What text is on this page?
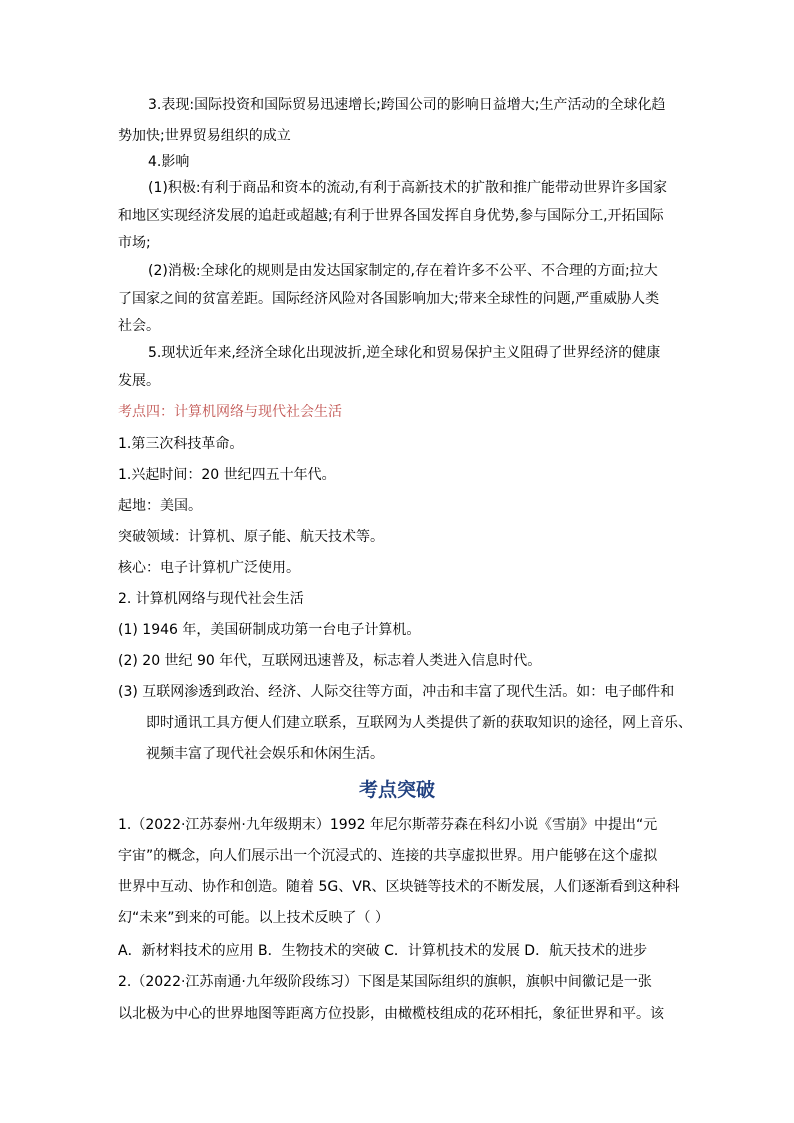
3.表现:国际投资和国际贸易迅速增长;跨国公司的影响日益增大;生产活动的全球化趋

势加快;世界贸易组织的成立

4.影响

(1)积极:有利于商品和资本的流动,有利于高新技术的扩散和推广能带动世界许多国家

和地区实现经济发展的追赶或超越;有利于世界各国发挥自身优势,参与国际分工,开拓国际

市场;

(2)消极:全球化的规则是由发达国家制定的,存在着许多不公平、不合理的方面;拉大

了国家之间的贫富差距。国际经济风险对各国影响加大;带来全球性的问题,严重威胁人类

社会。

5.现状近年来,经济全球化出现波折,逆全球化和贸易保护主义阻碍了世界经济的健康

发展。

考点四：计算机网络与现代社会生活

1.第三次科技革命。

1.兴起时间：20 世纪四五十年代。

起地：美国。

突破领域：计算机、原子能、航天技术等。

核心：电子计算机广泛使用。

2. 计算机网络与现代社会生活

(1) 1946 年，美国研制成功第一台电子计算机。

(2) 20 世纪 90 年代，互联网迅速普及，标志着人类进入信息时代。

(3) 互联网渗透到政治、经济、人际交往等方面，冲击和丰富了现代生活。如：电子邮件和

即时通讯工具方便人们建立联系，互联网为人类提供了新的获取知识的途径，网上音乐、

视频丰富了现代社会娱乐和休闲生活。

考点突破

1.（2022·江苏泰州·九年级期末）1992 年尼尔斯蒂芬森在科幻小说《雪崩》中提出“元

宇宙”的概念，向人们展示出一个沉浸式的、连接的共享虚拟世界。用户能够在这个虚拟

世界中互动、协作和创造。随着 5G、VR、区块链等技术的不断发展，人们逐渐看到这种科

幻“未来”到来的可能。以上技术反映了（ ）

A．新材料技术的应用 B．生物技术的突破 C．计算机技术的发展 D．航天技术的进步

2.（2022·江苏南通·九年级阶段练习）下图是某国际组织的旗帜，旗帜中间徽记是一张

以北极为中心的世界地图等距离方位投影，由橄榄枝组成的花环相托，象征世界和平。该
